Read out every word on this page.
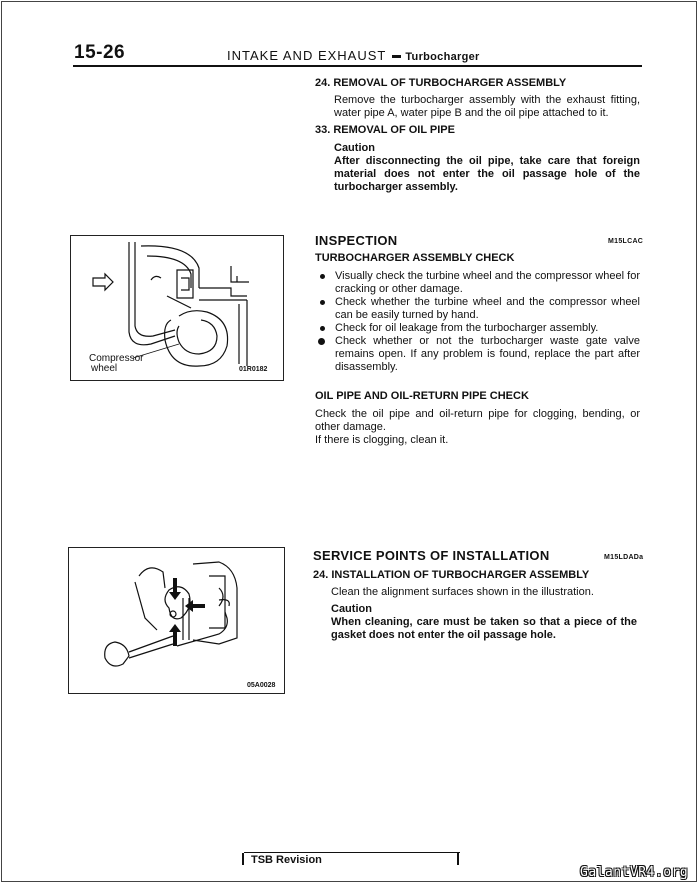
15-26	INTAKE AND EXHAUST Turbocharger
24. REMOVAL OF TURBOCHARGER ASSEMBLY
Remove the turbocharger assembly with the exhaust fitting, water pipe A, water pipe B and the oil pipe attached to it.
33. REMOVAL OF OIL PIPE
Caution
After disconnecting the oil pipe, take care that foreign material does not enter the oil passage hole of the turbocharger assembly.
Compressor
wheel	01R0182
INSPECTION	M15LCAC
TURBOCHARGER ASSEMBLY CHECK
Visually check the turbine wheel and the compressor wheel for cracking or other damage.
Check whether the turbine wheel and the compressor wheel can be easily turned by hand.
Check for oil leakage from the turbocharger assembly.
Check whether or not the turbocharger waste gate valve remains open. If any problem is found, replace the part after disassembly.
OIL PIPE AND OIL-RETURN PIPE CHECK
Check the oil pipe and oil-return pipe for clogging, bending, or other damage.
If there is clogging, clean it.
05A0028
SERVICE POINTS OF INSTALLATION	M15LDADa
24. INSTALLATION OF TURBOCHARGER ASSEMBLY
Clean the alignment surfaces shown in the illustration.
Caution
When cleaning, care must be taken so that a piece of the gasket does not enter the oil passage hole.
TSB Revision
GalantVR4.org
